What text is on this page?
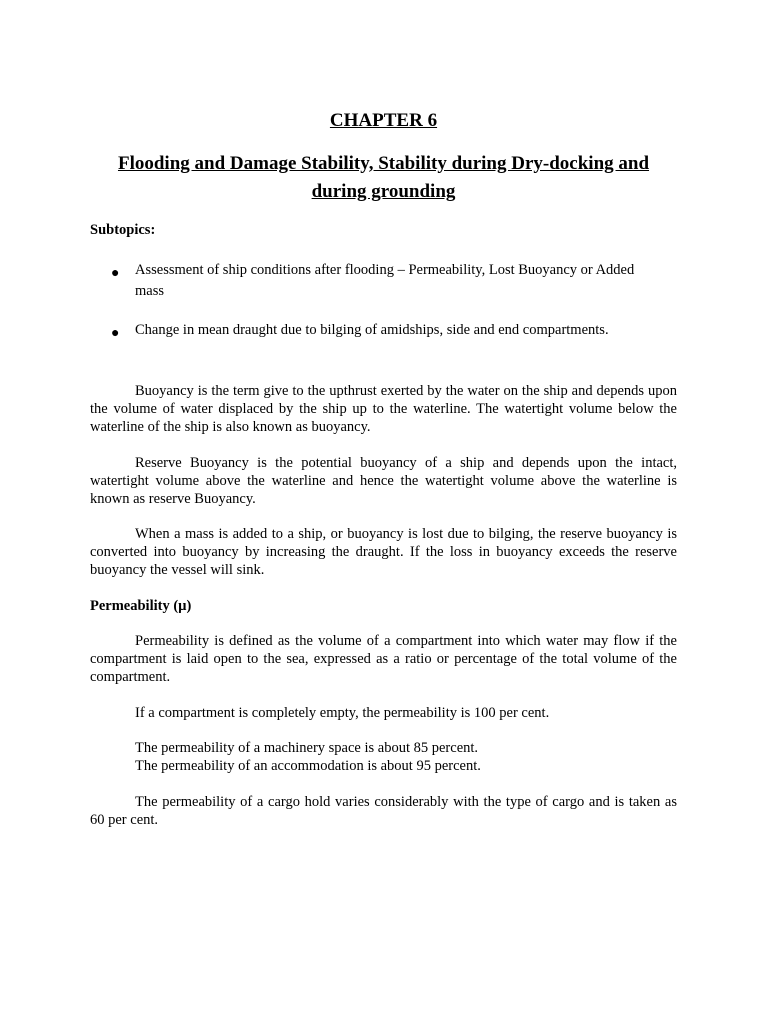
CHAPTER 6
Flooding and Damage Stability, Stability during Dry-docking and during grounding

Subtopics:

● Assessment of ship conditions after flooding – Permeability, Lost Buoyancy or Added mass
● Change in mean draught due to bilging of amidships, side and end compartments.

Buoyancy is the term give to the upthrust exerted by the water on the ship and depends upon the volume of water displaced by the ship up to the waterline. The watertight volume below the waterline of the ship is also known as buoyancy.

Reserve Buoyancy is the potential buoyancy of a ship and depends upon the intact, watertight volume above the waterline and hence the watertight volume above the waterline is known as reserve Buoyancy.

When a mass is added to a ship, or buoyancy is lost due to bilging, the reserve buoyancy is converted into buoyancy by increasing the draught. If the loss in buoyancy exceeds the reserve buoyancy the vessel will sink.

Permeability (µ)

Permeability is defined as the volume of a compartment into which water may flow if the compartment is laid open to the sea, expressed as a ratio or percentage of the total volume of the compartment.

If a compartment is completely empty, the permeability is 100 per cent.

The permeability of a machinery space is about 85 percent.

The permeability of an accommodation is about 95 percent.

The permeability of a cargo hold varies considerably with the type of cargo and is taken as 60 per cent.
